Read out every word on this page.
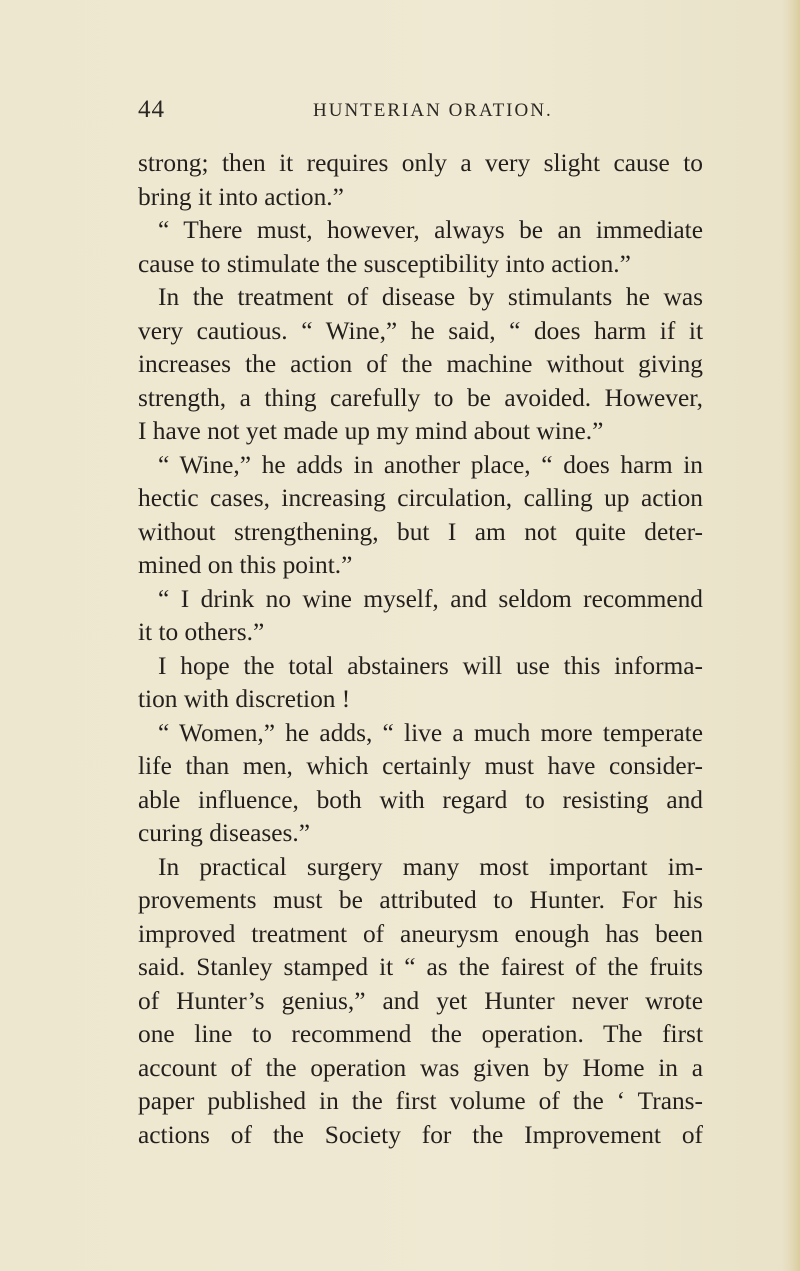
44	HUNTERIAN ORATION.
strong; then it requires only a very slight cause to
bring it into action.”
“ There must, however, always be an immediate
cause to stimulate the susceptibility into action.”
In the treatment of disease by stimulants he was
very cautious. “ Wine,” he said, “ does harm if it
increases the action of the machine without giving
strength, a thing carefully to be avoided. However,
I have not yet made up my mind about wine.”
“ Wine,” he adds in another place, “ does harm in
hectic cases, increasing circulation, calling up action
without strengthening, but I am not quite deter-
mined on this point.”
“ I drink no wine myself, and seldom recommend
it to others.”
I hope the total abstainers will use this informa-
tion with discretion !
“ Women,” he adds, “ live a much more temperate
life than men, which certainly must have consider-
able influence, both with regard to resisting and
curing diseases.”
In practical surgery many most important im-
provements must be attributed to Hunter. For his
improved treatment of aneurysm enough has been
said. Stanley stamped it “ as the fairest of the fruits
of Hunter’s genius,” and yet Hunter never wrote
one line to recommend the operation. The first
account of the operation was given by Home in a
paper published in the first volume of the ‘ Trans-
actions of the Society for the Improvement of
